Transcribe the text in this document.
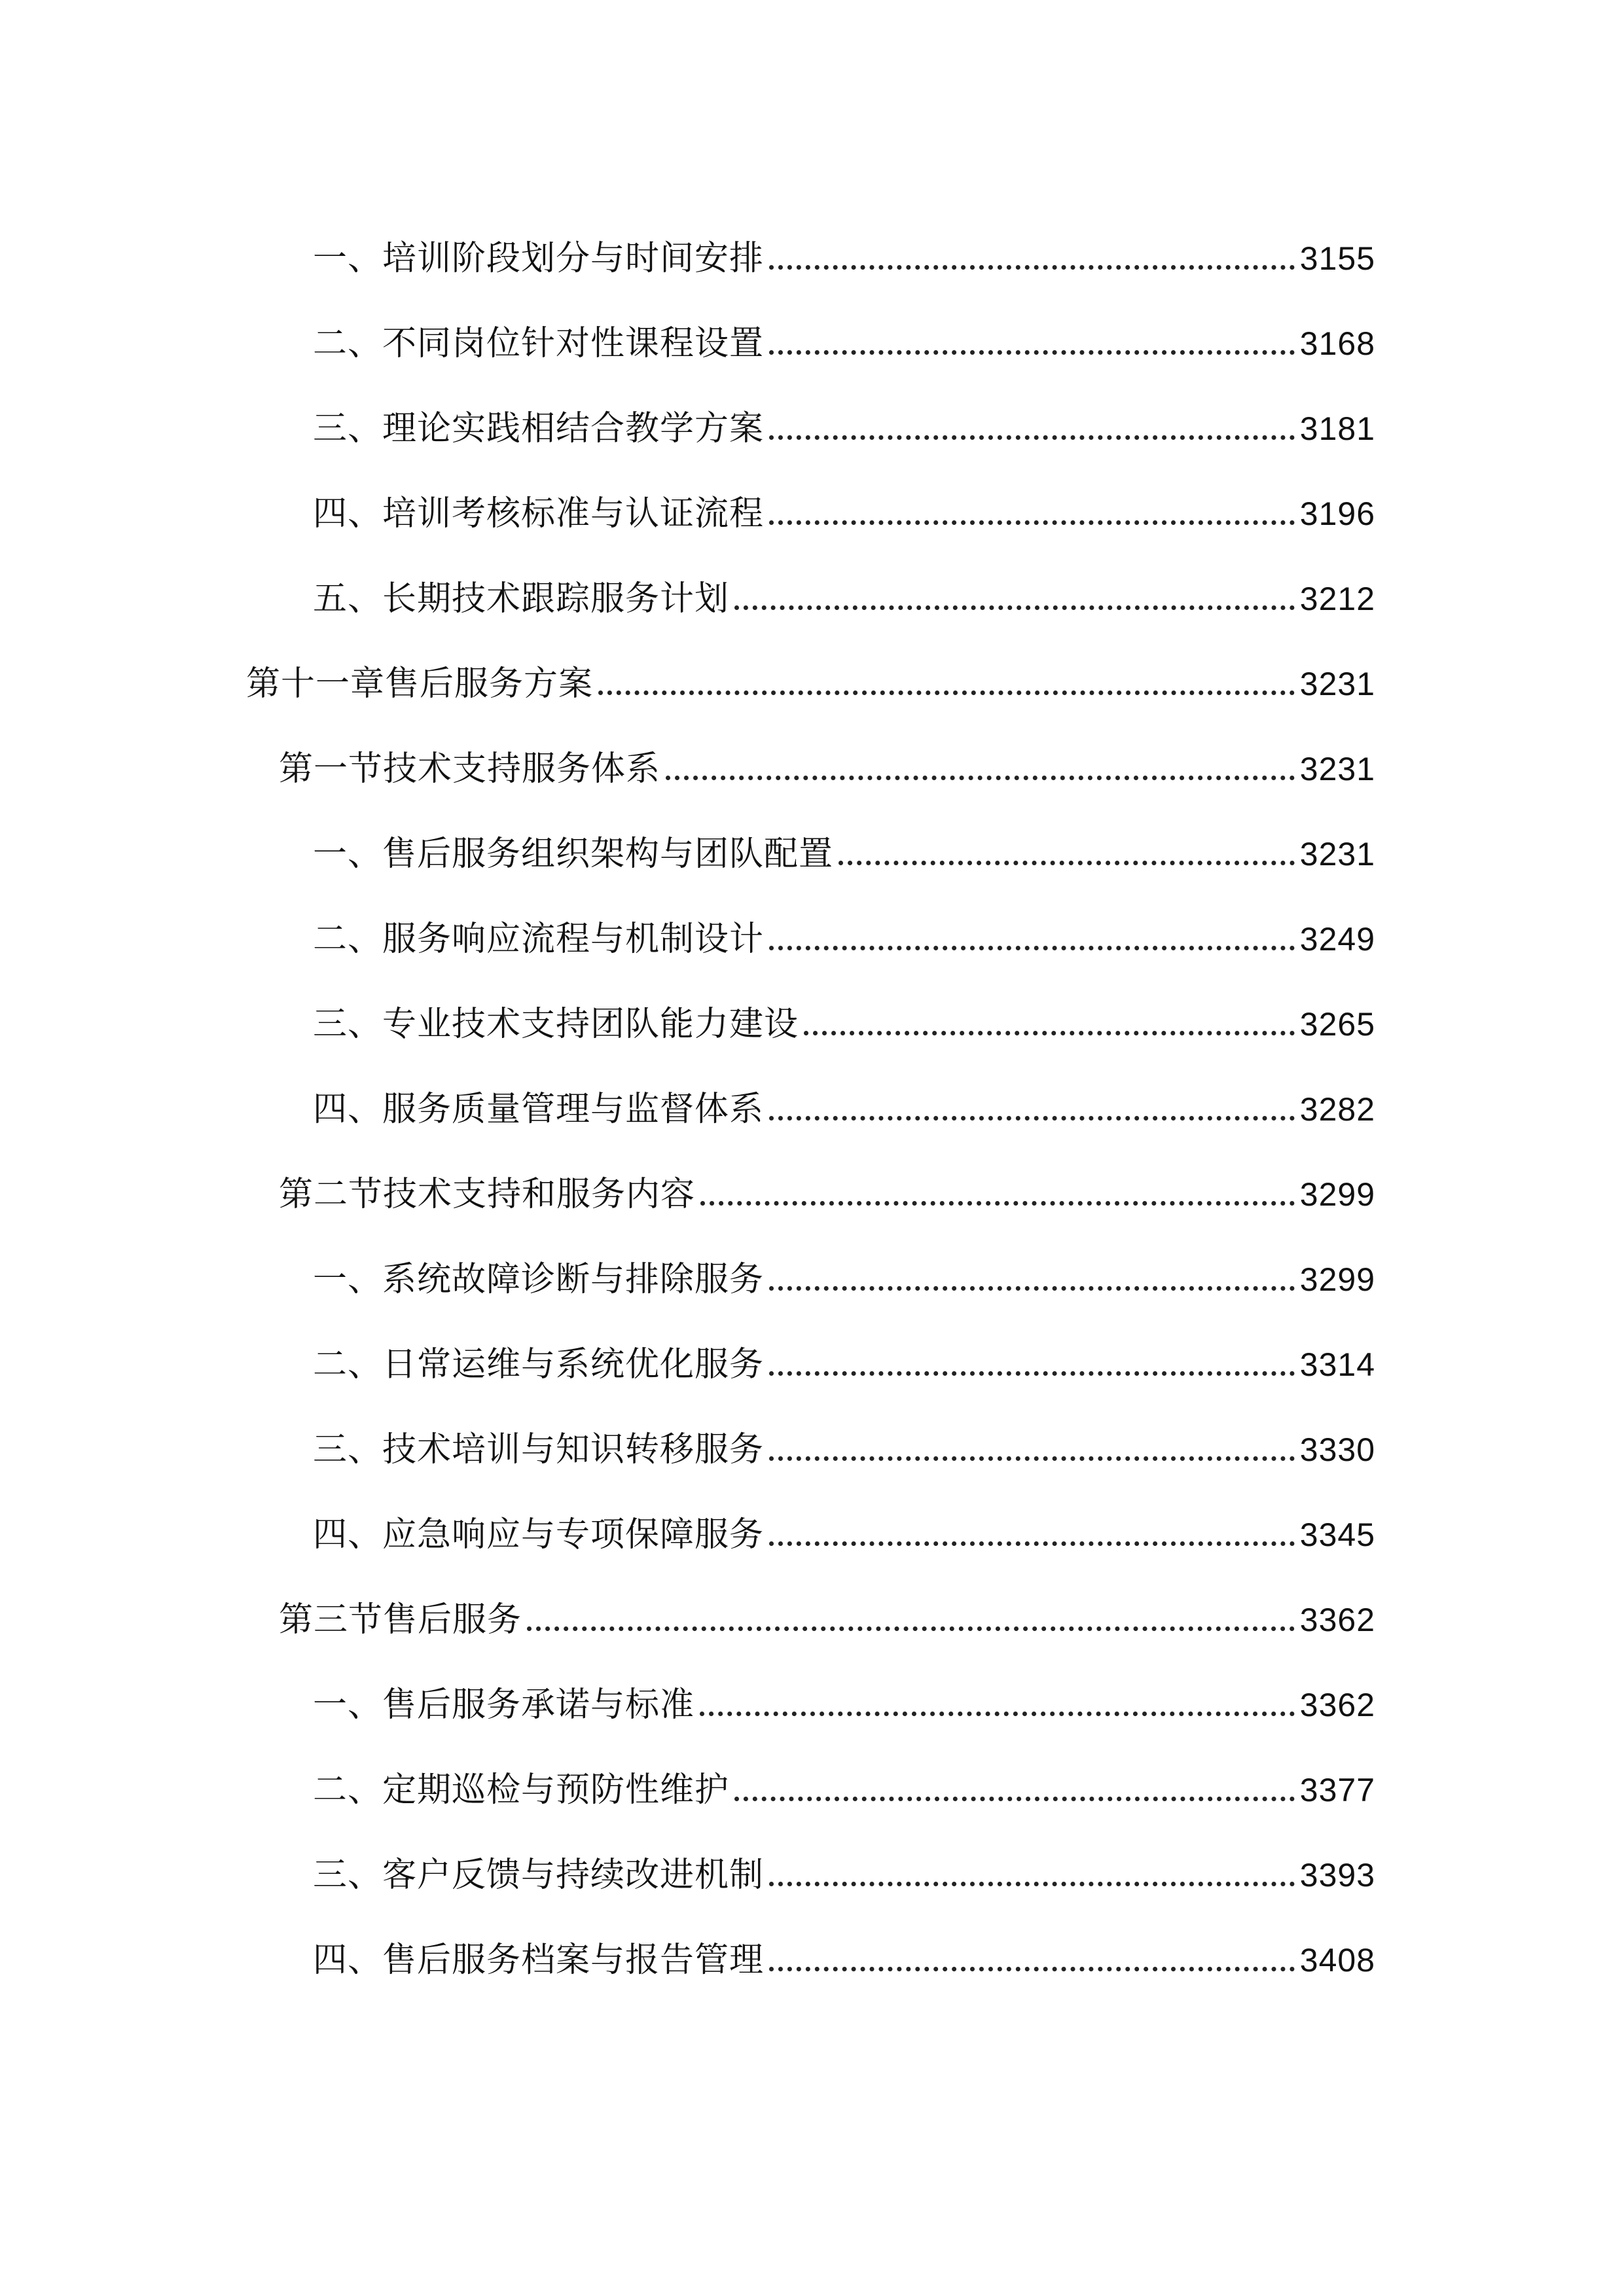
一、培训阶段划分与时间安排	3155
二、不同岗位针对性课程设置	3168
三、理论实践相结合教学方案	3181
四、培训考核标准与认证流程	3196
五、长期技术跟踪服务计划	3212
第十一章售后服务方案	3231
第一节技术支持服务体系	3231
一、售后服务组织架构与团队配置	3231
二、服务响应流程与机制设计	3249
三、专业技术支持团队能力建设	3265
四、服务质量管理与监督体系	3282
第二节技术支持和服务内容	3299
一、系统故障诊断与排除服务	3299
二、日常运维与系统优化服务	3314
三、技术培训与知识转移服务	3330
四、应急响应与专项保障服务	3345
第三节售后服务	3362
一、售后服务承诺与标准	3362
二、定期巡检与预防性维护	3377
三、客户反馈与持续改进机制	3393
四、售后服务档案与报告管理	3408
